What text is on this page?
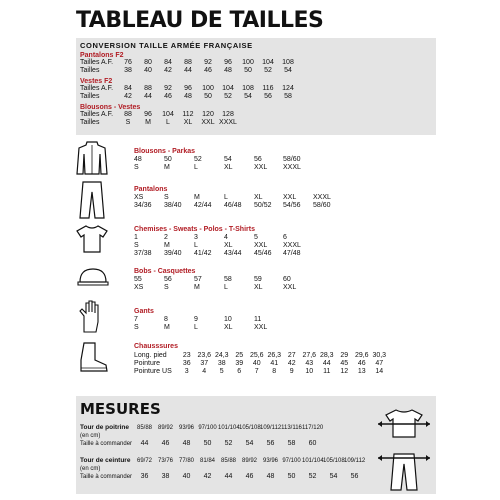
TABLEAU DE TAILLES
CONVERSION TAILLE ARMÉE FRANÇAISE
Pantalons F2
Tailles A.F.	76	80	84	88	92	96	100	104	108
Tailles	38	40	42	44	46	48	50	52	54
Vestes F2
Tailles A.F.	84	88	92	96	100	104	108	116	124
Tailles	42	44	46	48	50	52	54	56	58
Blousons - Vestes
Tailles A.F.	88	96	104	112	120	128
Tailles	S	M	L	XL	XXL XXXL
Blousons - Parkas
48	50	52	54	56	58/60
S	M	L	XL	XXL	XXXL
Pantalons
XS	S	M	L	XL	XXL	XXXL
34/36	38/40	42/44	46/48	50/52	54/56	58/60
Chemises - Sweats - Polos - T-Shirts
1	2	3	4	5	6
S	M	L	XL	XXL	XXXL
37/38	39/40	41/42	43/44	45/46	47/48
Bobs - Casquettes
55	56	57	58	59	60
XS	S	M	L	XL	XXL
Gants
7	8	9	10	11
S	M	L	XL	XXL
Chausssures
Long. pied	23 23,6 24,3 25 25,6 26,3 27 27,6 28,3 29 29,6 30,3
Pointure	36	37	38	39	40	41	42	43	44	45	46	47
Pointure US	3	4	5	6	7	8	9	10	11	12	13	14
MESURES
Tour de poitrine	85/88 89/92 93/96 97/100 101/104 105/108 109/112 113/116 117/120
(en cm)
Taille à commander	44	46	48	50	52	54	56	58	60
Tour de ceinture	69/72 73/76 77/80 81/84 85/88 89/92 93/96 97/100 101/104 105/108 109/112
(en cm)
Taille à commander	36	38	40	42	44	46	48	50	52	54	56
